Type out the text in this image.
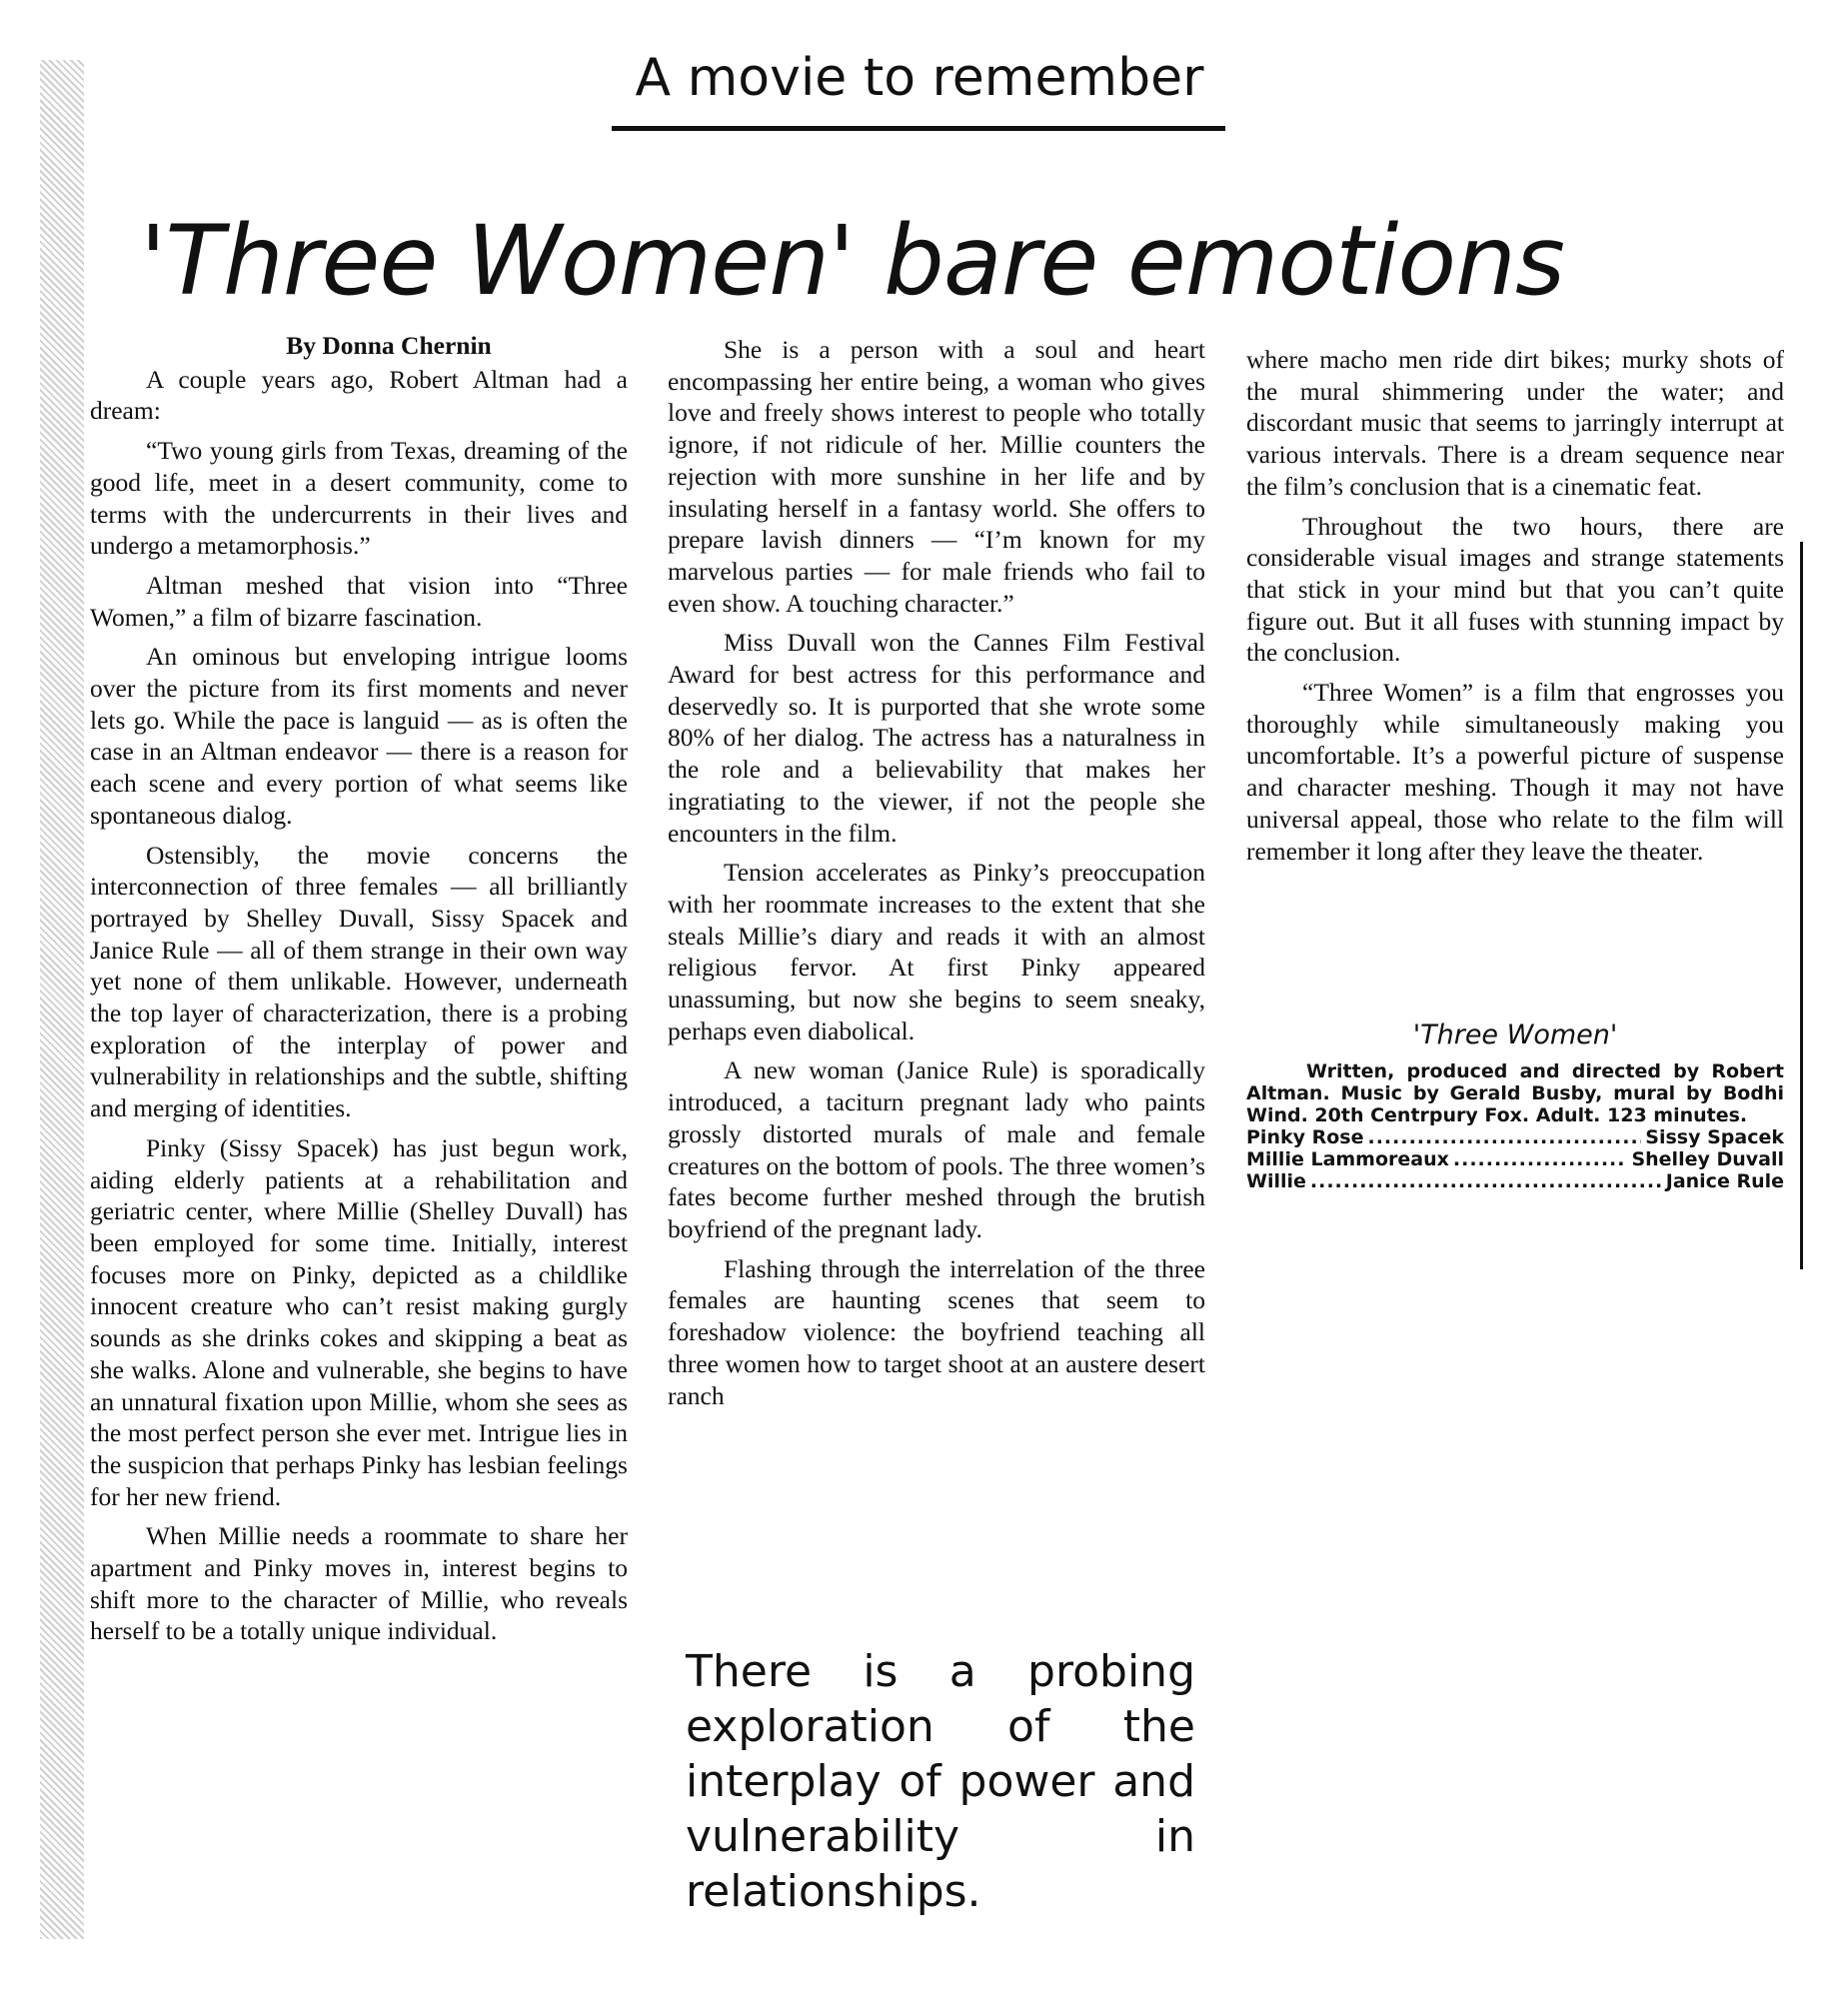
A movie to remember
'Three Women' bare emotions
By Donna Chernin

A couple years ago, Robert Altman had a dream:

“Two young girls from Texas, dreaming of the good life, meet in a desert community, come to terms with the undercurrents in their lives and undergo a metamorphosis.”

Altman meshed that vision into “Three Women,” a film of bizarre fascination.

An ominous but enveloping intrigue looms over the picture from its first moments and never lets go. While the pace is languid — as is often the case in an Altman endeavor — there is a reason for each scene and every portion of what seems like spontaneous dialog.

Ostensibly, the movie concerns the interconnection of three females — all brilliantly portrayed by Shelley Duvall, Sissy Spacek and Janice Rule — all of them strange in their own way yet none of them unlikable. However, underneath the top layer of characterization, there is a probing exploration of the interplay of power and vulnerability in relationships and the subtle, shifting and merging of identities.

Pinky (Sissy Spacek) has just begun work, aiding elderly patients at a rehabilitation and geriatric center, where Millie (Shelley Duvall) has been employed for some time. Initially, interest focuses more on Pinky, depicted as a childlike innocent creature who can’t resist making gurgly sounds as she drinks cokes and skipping a beat as she walks. Alone and vulnerable, she begins to have an unnatural fixation upon Millie, whom she sees as the most perfect person she ever met. Intrigue lies in the suspicion that perhaps Pinky has lesbian feelings for her new friend.

When Millie needs a roommate to share her apartment and Pinky moves in, interest begins to shift more to the character of Millie, who reveals herself to be a totally unique individual.

She is a person with a soul and heart encompassing her entire being, a woman who gives love and freely shows interest to people who totally ignore, if not ridicule of her. Millie counters the rejection with more sunshine in her life and by insulating herself in a fantasy world. She offers to prepare lavish dinners — “I’m known for my marvelous parties — for male friends who fail to even show. A touching character.”

Miss Duvall won the Cannes Film Festival Award for best actress for this performance and deservedly so. It is purported that she wrote some 80% of her dialog. The actress has a naturalness in the role and a believability that makes her ingratiating to the viewer, if not the people she encounters in the film.

Tension accelerates as Pinky’s preoccupation with her roommate increases to the extent that she steals Millie’s diary and reads it with an almost religious fervor. At first Pinky appeared unassuming, but now she begins to seem sneaky, perhaps even diabolical.

A new woman (Janice Rule) is sporadically introduced, a taciturn pregnant lady who paints grossly distorted murals of male and female creatures on the bottom of pools. The three women’s fates become further meshed through the brutish boyfriend of the pregnant lady.

Flashing through the interrelation of the three females are haunting scenes that seem to foreshadow violence: the boyfriend teaching all three women how to target shoot at an austere desert ranch

There is a probing exploration of the interplay of power and vulnerability in relationships.

where macho men ride dirt bikes; murky shots of the mural shimmering under the water; and discordant music that seems to jarringly interrupt at various intervals. There is a dream sequence near the film’s conclusion that is a cinematic feat.

Throughout the two hours, there are considerable visual images and strange statements that stick in your mind but that you can’t quite figure out. But it all fuses with stunning impact by the conclusion.

“Three Women” is a film that engrosses you thoroughly while simultaneously making you uncomfortable. It’s a powerful picture of suspense and character meshing. Though it may not have universal appeal, those who relate to the film will remember it long after they leave the theater.

'Three Women'
Written, produced and directed by Robert Altman. Music by Gerald Busby, mural by Bodhi Wind. 20th Centrpury Fox. Adult. 123 minutes.
Pinky Rose .....	Sissy Spacek
Millie Lammoreaux .....	Shelley Duvall
Willie .....	Janice Rule
